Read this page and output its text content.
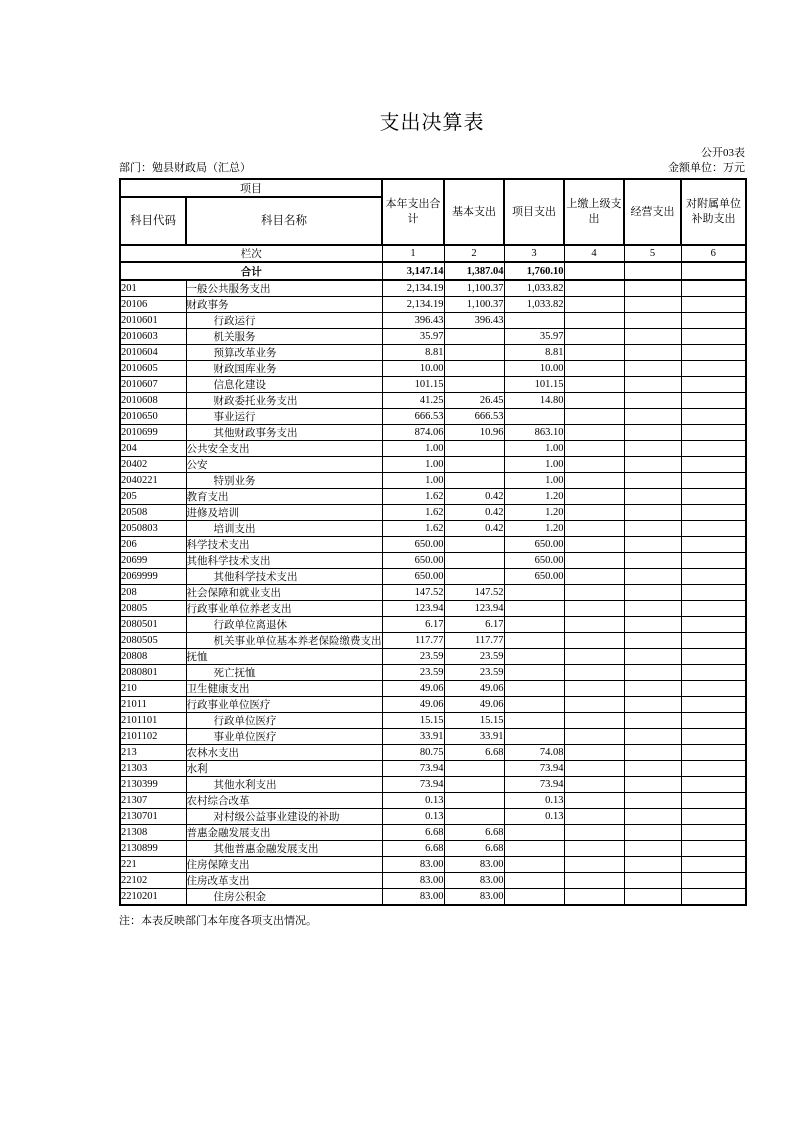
支出决算表
公开03表
部门：勉县财政局（汇总）	金额单位：万元
项目		本年支出合计	基本支出	项目支出	上缴上级支出	经营支出	对附属单位补助支出
科目代码	科目名称						
栏次		1	2	3	4	5	6
合计		3,147.14	1,387.04	1,760.10			
201	一般公共服务支出	2,134.19	1,100.37	1,033.82			
20106	财政事务	2,134.19	1,100.37	1,033.82			
2010601	行政运行	396.43	396.43				
2010603	机关服务	35.97		35.97			
2010604	预算改革业务	8.81		8.81			
2010605	财政国库业务	10.00		10.00			
2010607	信息化建设	101.15		101.15			
2010608	财政委托业务支出	41.25	26.45	14.80			
2010650	事业运行	666.53	666.53				
2010699	其他财政事务支出	874.06	10.96	863.10			
204	公共安全支出	1.00		1.00			
20402	公安	1.00		1.00			
2040221	特别业务	1.00		1.00			
205	教育支出	1.62	0.42	1.20			
20508	进修及培训	1.62	0.42	1.20			
2050803	培训支出	1.62	0.42	1.20			
206	科学技术支出	650.00		650.00			
20699	其他科学技术支出	650.00		650.00			
2069999	其他科学技术支出	650.00		650.00			
208	社会保障和就业支出	147.52	147.52				
20805	行政事业单位养老支出	123.94	123.94				
2080501	行政单位离退休	6.17	6.17				
2080505	机关事业单位基本养老保险缴费支出	117.77	117.77				
20808	抚恤	23.59	23.59				
2080801	死亡抚恤	23.59	23.59				
210	卫生健康支出	49.06	49.06				
21011	行政事业单位医疗	49.06	49.06				
2101101	行政单位医疗	15.15	15.15				
2101102	事业单位医疗	33.91	33.91				
213	农林水支出	80.75	6.68	74.08			
21303	水利	73.94		73.94			
2130399	其他水利支出	73.94		73.94			
21307	农村综合改革	0.13		0.13			
2130701	对村级公益事业建设的补助	0.13		0.13			
21308	普惠金融发展支出	6.68	6.68				
2130899	其他普惠金融发展支出	6.68	6.68				
221	住房保障支出	83.00	83.00				
22102	住房改革支出	83.00	83.00				
2210201	住房公积金	83.00	83.00				
注：本表反映部门本年度各项支出情况。
